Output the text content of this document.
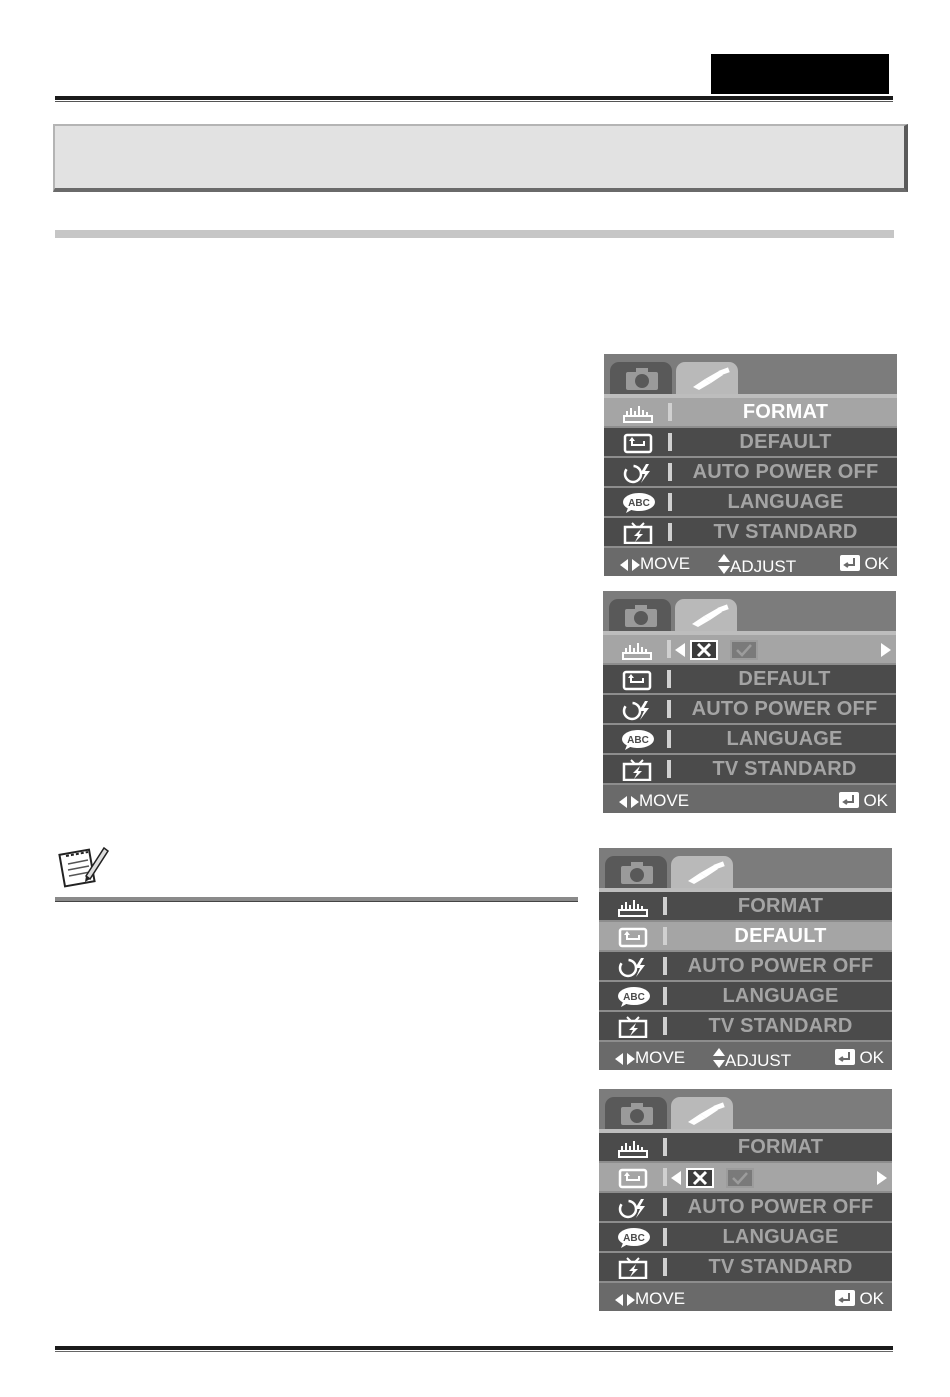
FORMAT
DEFAULT
AUTO POWER OFF
ABC	LANGUAGE
TV STANDARD
MOVE	ADJUST	OK
DEFAULT
AUTO POWER OFF
ABC	LANGUAGE
TV STANDARD
MOVE	OK
FORMAT
DEFAULT
AUTO POWER OFF
ABC	LANGUAGE
TV STANDARD
MOVE	ADJUST	OK
FORMAT
AUTO POWER OFF
ABC	LANGUAGE
TV STANDARD
MOVE	OK
